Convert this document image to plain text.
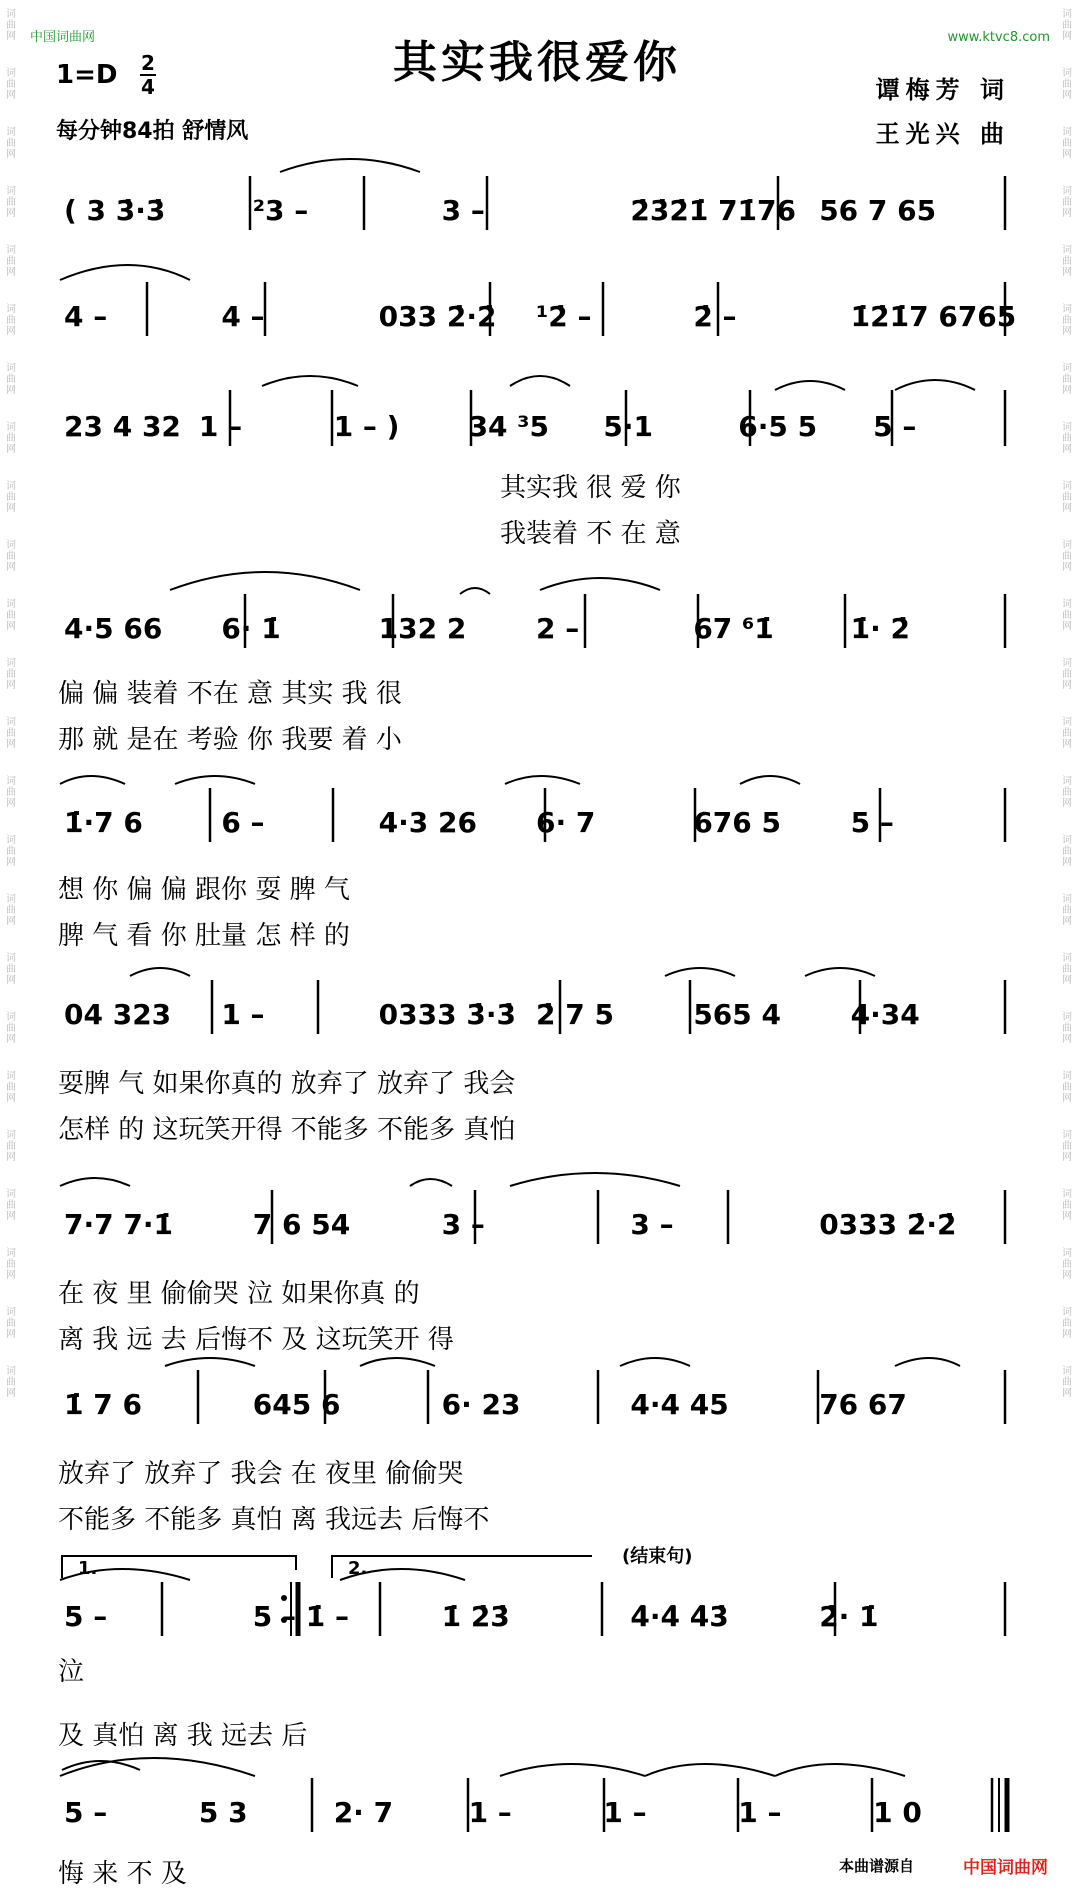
词曲网
词曲网
词曲网
词曲网
词曲网
词曲网
词曲网
词曲网
词曲网
词曲网
词曲网
词曲网
词曲网
词曲网
词曲网
词曲网
词曲网
词曲网
词曲网
词曲网
词曲网
词曲网
词曲网
词曲网
词曲网
词曲网
词曲网
词曲网
词曲网
词曲网
词曲网
词曲网
词曲网
词曲网
词曲网
词曲网
词曲网
词曲网
词曲网
词曲网
词曲网
词曲网
词曲网
词曲网
词曲网
词曲网
词曲网
词曲网
中国词曲网	www.ktvc8.com
其实我很爱你
1=D 2
4
每分钟84拍 舒情风
谭梅芳 词
王光兴 曲
1.	2.
(结束句)
( 3 3̇·3̇	²3 –	3 –	2̇3̇2̇1̇ 71̇76 56 7 65
4 –	4 –	033 2̇·2̇ ¹2̇ –	2̇ –	1̇2̇1̇7 6765
23 4 32 1 –	1 – ) 34 ³5 5·1	6·5 5 5 –
4·5 66 6· 1̇	132 2 2 –	67 ⁶1̇	1̇· 2̇
1̇·7 6	6 –	4·3 26 6· 7	676 5 5 –
04 323 1 –	0333 3̇·3̇ 2̇ 7 5	565 4 4·34
7·7 7·1̇	7 6 54	3 –	3 –	0333 2̇·2̇
1̇ 7 6	645 6	6· 23	4·4 45	76 67
5 –	5 – 1̇ –	1̇ 2̇3̇	4̇·4̇ 4̇3̇	2̇· 1̇
5 –	5 3	2· 7	1 –	1 –	1 –	1 0
其实我 很 爱 你
我装着 不 在 意
偏 偏 装着 不在 意 其实 我 很
那 就 是在 考验 你 我要 着 小
想 你 偏 偏 跟你 耍 脾 气
脾 气 看 你 肚量 怎 样 的
耍脾 气 如果你真的 放弃了 放弃了 我会
怎样 的 这玩笑开得 不能多 不能多 真怕
在 夜 里 偷偷哭 泣 如果你真 的
离 我 远 去 后悔不 及 这玩笑开 得
放弃了 放弃了 我会 在 夜里 偷偷哭
不能多 不能多 真怕 离 我远去 后悔不
泣
及 真怕 离 我 远去 后
悔 来 不 及	本曲谱源自	中国词曲网
